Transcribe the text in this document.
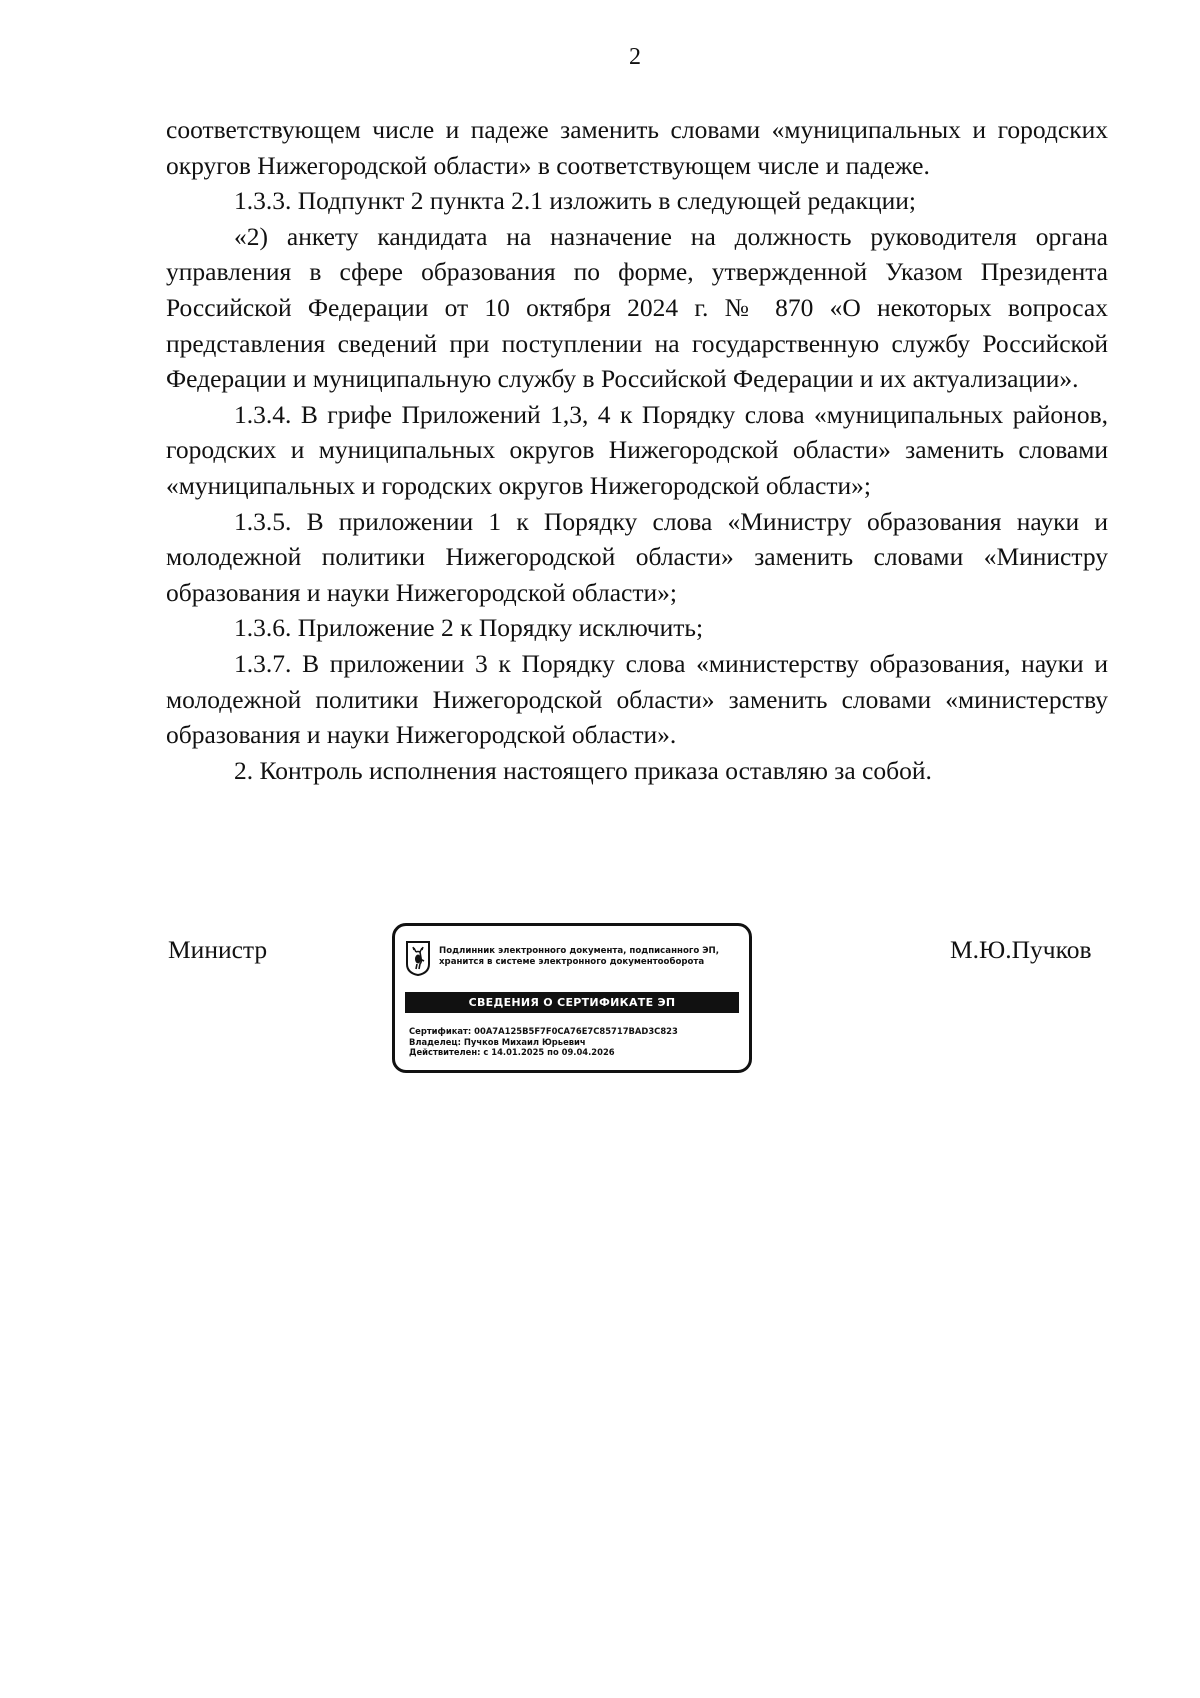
2

соответствующем числе и падеже заменить словами «муниципальных и городских округов Нижегородской области» в соответствующем числе и падеже.

1.3.3. Подпункт 2 пункта 2.1 изложить в следующей редакции;

«2) анкету кандидата на назначение на должность руководителя органа управления в сфере образования по форме, утвержденной Указом Президента Российской Федерации от 10 октября 2024 г. № 870 «О некоторых вопросах представления сведений при поступлении на государственную службу Российской Федерации и муниципальную службу в Российской Федерации и их актуализации».

1.3.4. В грифе Приложений 1,3, 4 к Порядку слова «муниципальных районов, городских и муниципальных округов Нижегородской области» заменить словами «муниципальных и городских округов Нижегородской области»;

1.3.5. В приложении 1 к Порядку слова «Министру образования науки и молодежной политики Нижегородской области» заменить словами «Министру образования и науки Нижегородской области»;

1.3.6. Приложение 2 к Порядку исключить;

1.3.7. В приложении 3 к Порядку слова «министерству образования, науки и молодежной политики Нижегородской области» заменить словами «министерству образования и науки Нижегородской области».

2. Контроль исполнения настоящего приказа оставляю за собой.

Министр	М.Ю.Пучков
Подлинник электронного документа, подписанного ЭП,
хранится в системе электронного документооборота
СВЕДЕНИЯ О СЕРТИФИКАТЕ ЭП
Сертификат: 00A7A125B5F7F0CA76E7C85717BAD3C823
Владелец: Пучков Михаил Юрьевич
Действителен: с 14.01.2025 по 09.04.2026
